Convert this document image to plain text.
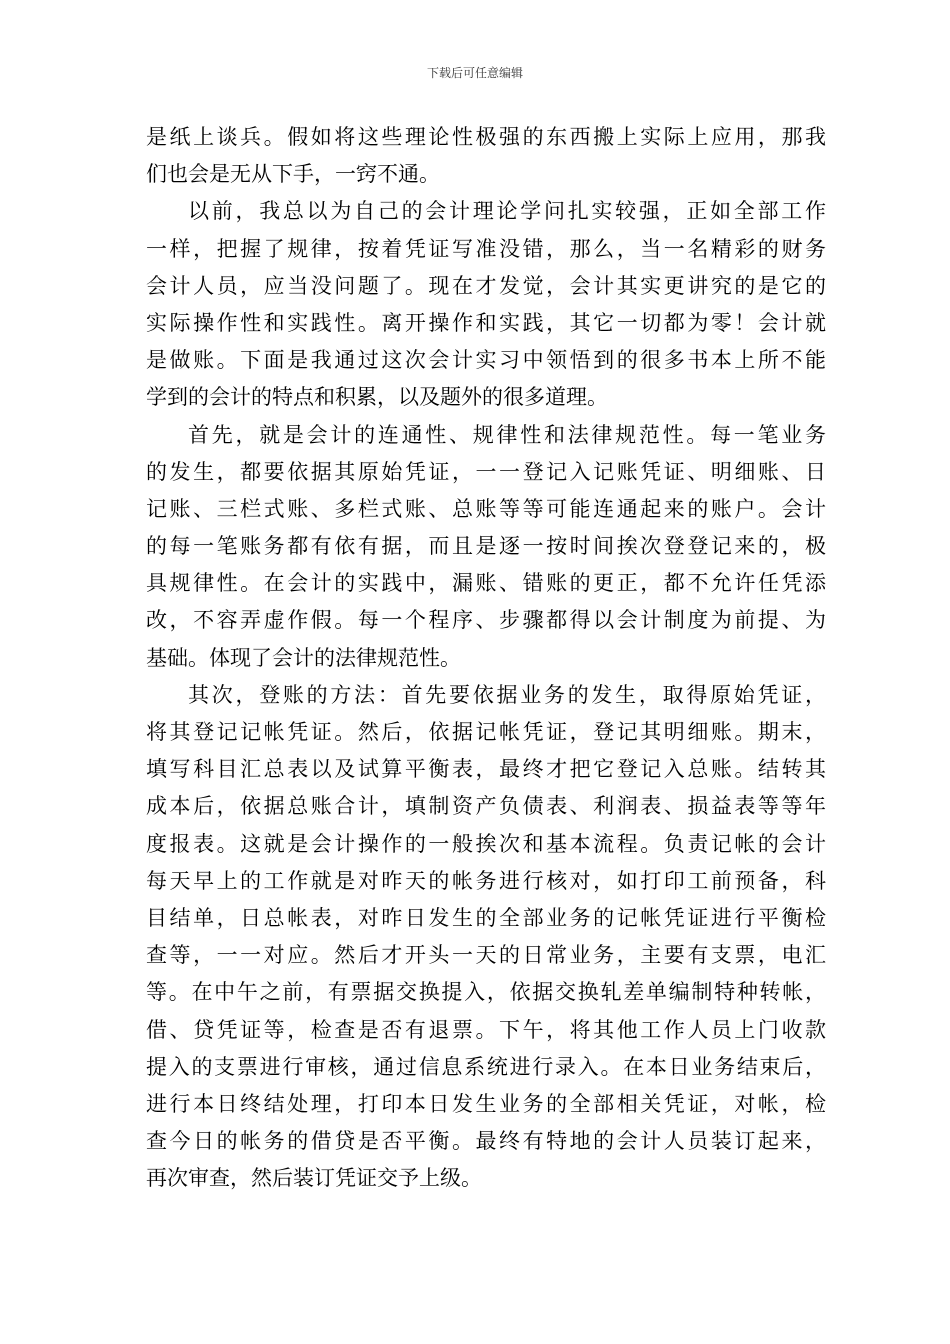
下载后可任意编辑
是纸上谈兵。假如将这些理论性极强的东西搬上实际上应用，那我
们也会是无从下手，一窍不通。
以前，我总以为自己的会计理论学问扎实较强，正如全部工作
一样，把握了规律，按着凭证写准没错，那么，当一名精彩的财务
会计人员，应当没问题了。现在才发觉，会计其实更讲究的是它的
实际操作性和实践性。离开操作和实践，其它一切都为零！会计就
是做账。下面是我通过这次会计实习中领悟到的很多书本上所不能
学到的会计的特点和积累，以及题外的很多道理。
首先，就是会计的连通性、规律性和法律规范性。每一笔业务
的发生，都要依据其原始凭证，一一登记入记账凭证、明细账、日
记账、三栏式账、多栏式账、总账等等可能连通起来的账户。会计
的每一笔账务都有依有据，而且是逐一按时间挨次登登记来的，极
具规律性。在会计的实践中，漏账、错账的更正，都不允许任凭添
改，不容弄虚作假。每一个程序、步骤都得以会计制度为前提、为
基础。体现了会计的法律规范性。
其次，登账的方法：首先要依据业务的发生，取得原始凭证，
将其登记记帐凭证。然后，依据记帐凭证，登记其明细账。期末，
填写科目汇总表以及试算平衡表，最终才把它登记入总账。结转其
成本后，依据总账合计，填制资产负债表、利润表、损益表等等年
度报表。这就是会计操作的一般挨次和基本流程。负责记帐的会计
每天早上的工作就是对昨天的帐务进行核对，如打印工前预备，科
目结单，日总帐表，对昨日发生的全部业务的记帐凭证进行平衡检
查等，一一对应。然后才开头一天的日常业务，主要有支票，电汇
等。在中午之前，有票据交换提入，依据交换轧差单编制特种转帐，
借、贷凭证等，检查是否有退票。下午，将其他工作人员上门收款
提入的支票进行审核，通过信息系统进行录入。在本日业务结束后，
进行本日终结处理，打印本日发生业务的全部相关凭证，对帐，检
查今日的帐务的借贷是否平衡。最终有特地的会计人员装订起来，
再次审查，然后装订凭证交予上级。
